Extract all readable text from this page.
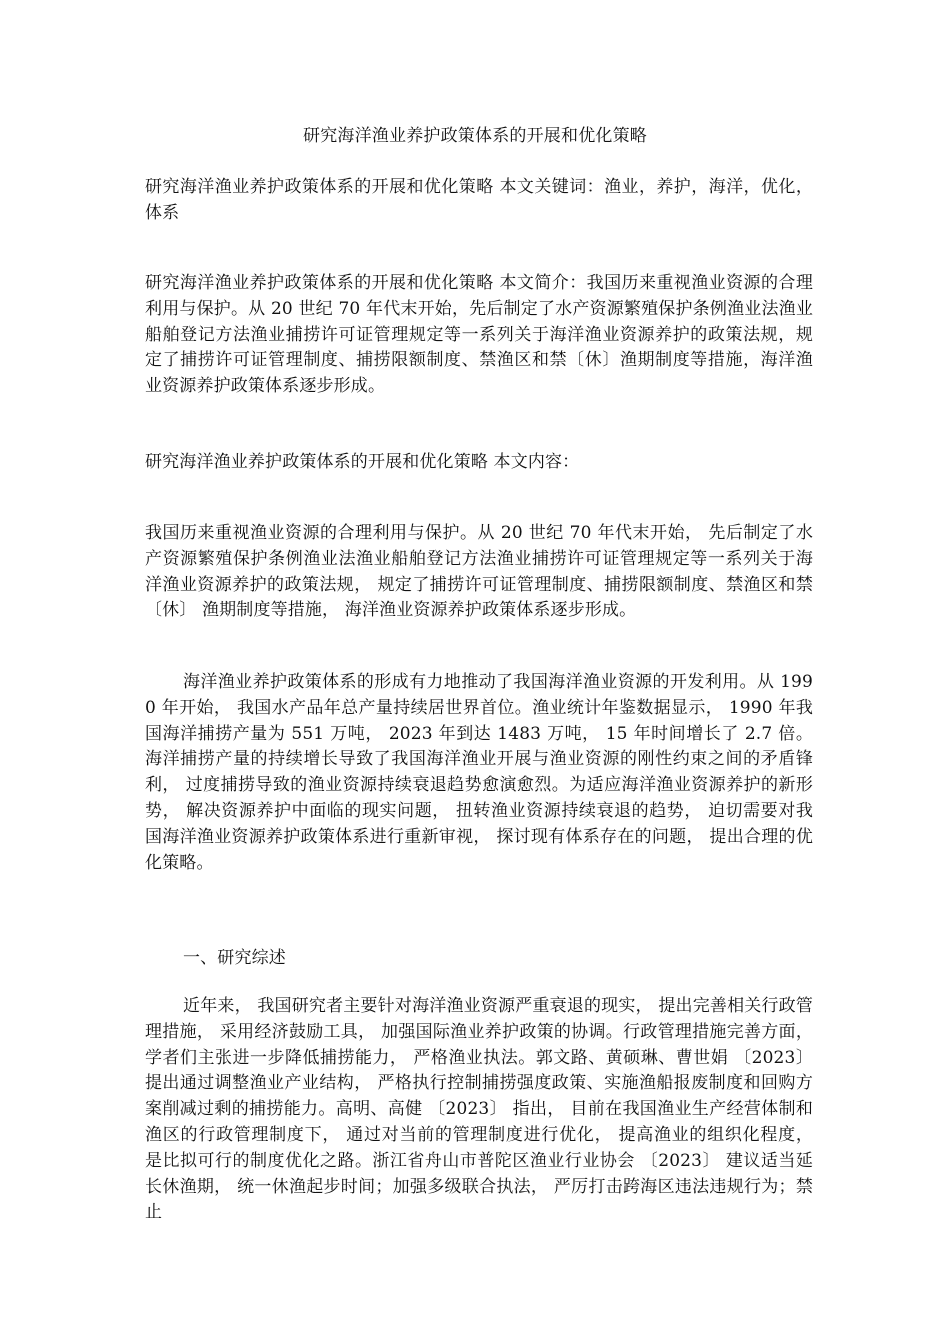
研究海洋渔业养护政策体系的开展和优化策略
研究海洋渔业养护政策体系的开展和优化策略 本文关键词：渔业，养护，海洋，优化，体系
研究海洋渔业养护政策体系的开展和优化策略 本文简介：我国历来重视渔业资源的合理利用与保护。从 20 世纪 70 年代末开始，先后制定了水产资源繁殖保护条例渔业法渔业船舶登记方法渔业捕捞许可证管理规定等一系列关于海洋渔业资源养护的政策法规，规定了捕捞许可证管理制度、捕捞限额制度、禁渔区和禁〔休〕渔期制度等措施，海洋渔业资源养护政策体系逐步形成。
研究海洋渔业养护政策体系的开展和优化策略 本文内容：
我国历来重视渔业资源的合理利用与保护。从 20 世纪 70 年代末开始， 先后制定了水产资源繁殖保护条例渔业法渔业船舶登记方法渔业捕捞许可证管理规定等一系列关于海洋渔业资源养护的政策法规， 规定了捕捞许可证管理制度、捕捞限额制度、禁渔区和禁 〔休〕 渔期制度等措施， 海洋渔业资源养护政策体系逐步形成。
海洋渔业养护政策体系的形成有力地推动了我国海洋渔业资源的开发利用。从 1990 年开始， 我国水产品年总产量持续居世界首位。渔业统计年鉴数据显示， 1990 年我国海洋捕捞产量为 551 万吨， 2023 年到达 1483 万吨， 15 年时间增长了 2.7 倍。海洋捕捞产量的持续增长导致了我国海洋渔业开展与渔业资源的刚性约束之间的矛盾锋利， 过度捕捞导致的渔业资源持续衰退趋势愈演愈烈。为适应海洋渔业资源养护的新形势， 解决资源养护中面临的现实问题， 扭转渔业资源持续衰退的趋势， 迫切需要对我国海洋渔业资源养护政策体系进行重新审视， 探讨现有体系存在的问题， 提出合理的优化策略。
一、研究综述
近年来， 我国研究者主要针对海洋渔业资源严重衰退的现实， 提出完善相关行政管理措施， 采用经济鼓励工具， 加强国际渔业养护政策的协调。行政管理措施完善方面， 学者们主张进一步降低捕捞能力， 严格渔业执法。郭文路、黄硕琳、曹世娟 〔2023〕 提出通过调整渔业产业结构， 严格执行控制捕捞强度政策、实施渔船报废制度和回购方案削减过剩的捕捞能力。高明、高健 〔2023〕 指出， 目前在我国渔业生产经营体制和渔区的行政管理制度下， 通过对当前的管理制度进行优化， 提高渔业的组织化程度， 是比拟可行的制度优化之路。浙江省舟山市普陀区渔业行业协会 〔2023〕 建议适当延长休渔期， 统一休渔起步时间；加强多级联合执法， 严厉打击跨海区违法违规行为；禁止
